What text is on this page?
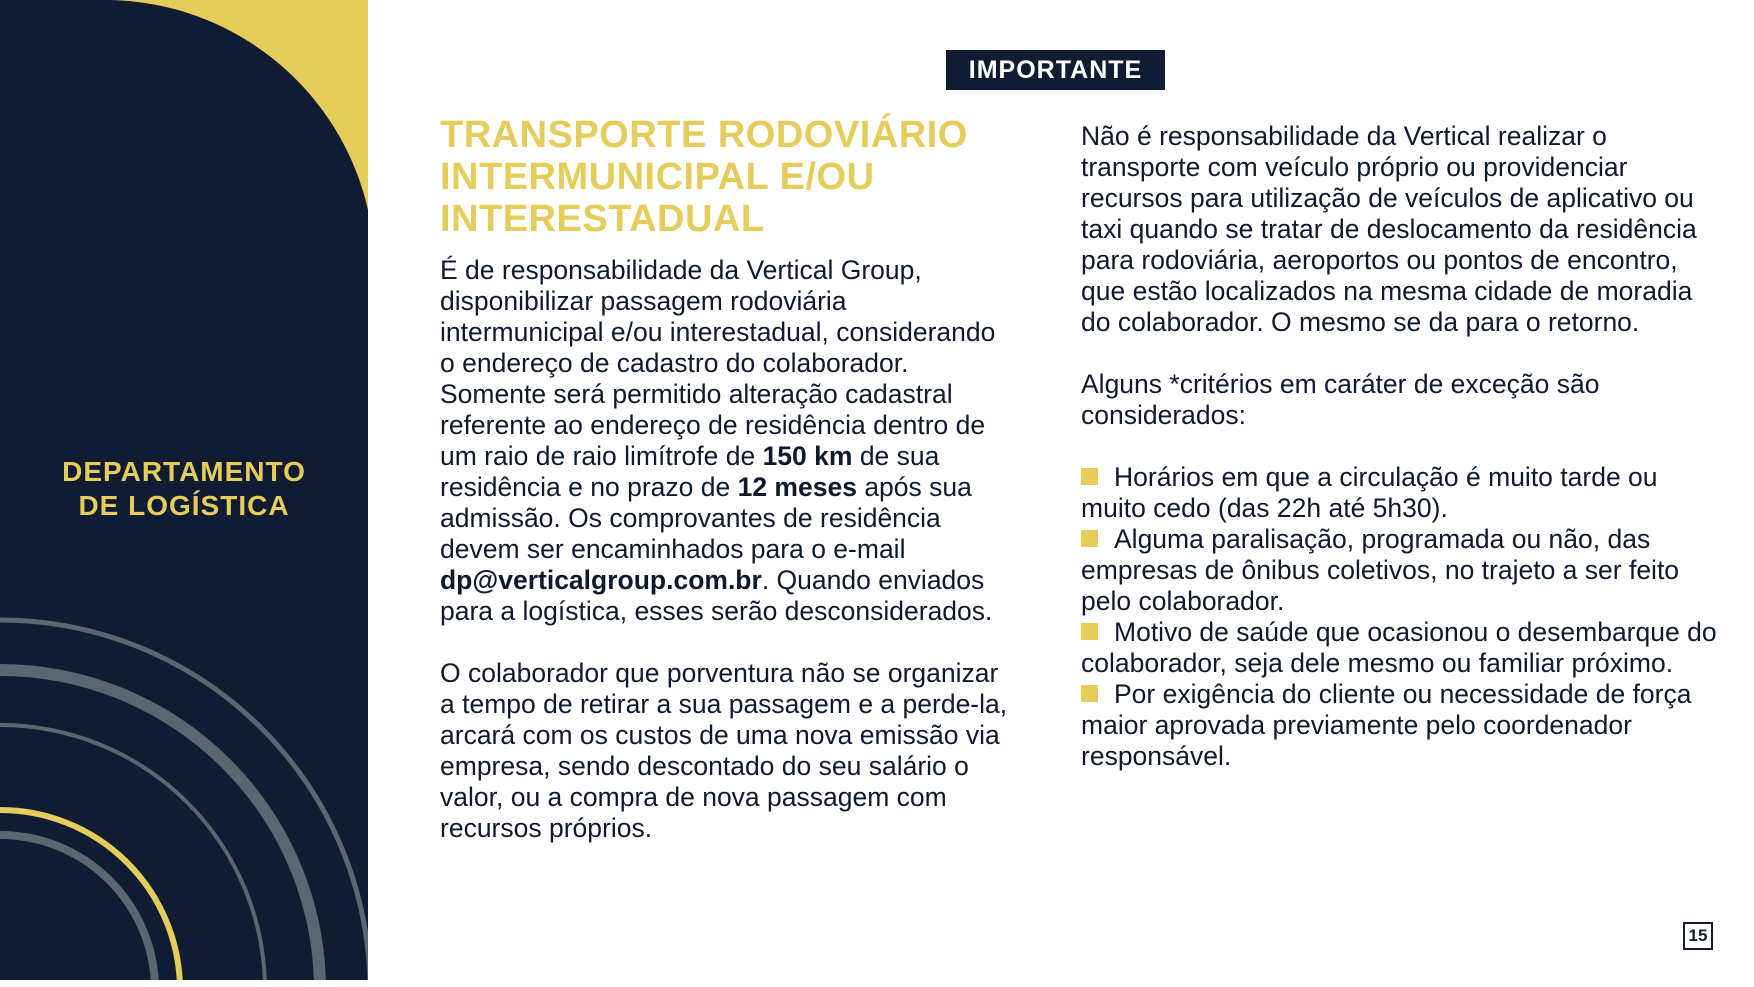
DEPARTAMENTO
DE LOGÍSTICA
IMPORTANTE
TRANSPORTE RODOVIÁRIO
INTERMUNICIPAL E/OU
INTERESTADUAL

É de responsabilidade da Vertical Group, disponibilizar passagem rodoviária intermunicipal e/ou interestadual, considerando o endereço de cadastro do colaborador. Somente será permitido alteração cadastral referente ao endereço de residência dentro de um raio de raio limítrofe de 150 km de sua residência e no prazo de 12 meses após sua admissão. Os comprovantes de residência devem ser encaminhados para o e-mail dp@verticalgroup.com.br. Quando enviados para a logística, esses serão desconsiderados.

O colaborador que porventura não se organizar a tempo de retirar a sua passagem e a perde-la, arcará com os custos de uma nova emissão via empresa, sendo descontado do seu salário o valor, ou a compra de nova passagem com recursos próprios.

Não é responsabilidade da Vertical realizar o transporte com veículo próprio ou providenciar recursos para utilização de veículos de aplicativo ou taxi quando se tratar de deslocamento da residência para rodoviária, aeroportos ou pontos de encontro, que estão localizados na mesma cidade de moradia do colaborador. O mesmo se da para o retorno.

Alguns *critérios em caráter de exceção são considerados:

Horários em que a circulação é muito tarde ou muito cedo (das 22h até 5h30).
Alguma paralisação, programada ou não, das empresas de ônibus coletivos, no trajeto a ser feito pelo colaborador.
Motivo de saúde que ocasionou o desembarque do colaborador, seja dele mesmo ou familiar próximo.
Por exigência do cliente ou necessidade de força maior aprovada previamente pelo coordenador responsável.
15
